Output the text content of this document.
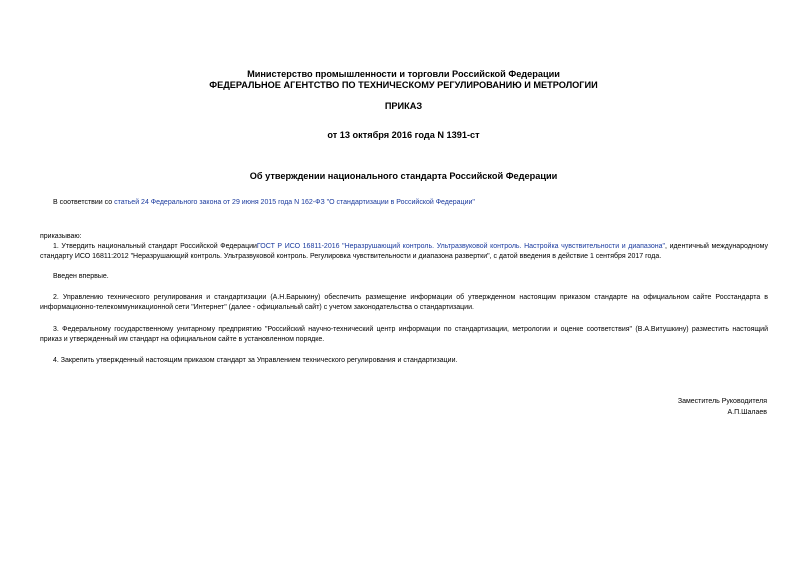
Министерство промышленности и торговли Российской Федерации
ФЕДЕРАЛЬНОЕ АГЕНТСТВО ПО ТЕХНИЧЕСКОМУ РЕГУЛИРОВАНИЮ И МЕТРОЛОГИИ
ПРИКАЗ
от 13 октября 2016 года N 1391-ст
Об утверждении национального стандарта Российской Федерации
В соответствии со статьей 24 Федерального закона от 29 июня 2015 года N 162-ФЗ "О стандартизации в Российской Федерации"
приказываю:
1. Утвердить национальный стандарт Российской ФедерацииГОСТ Р ИСО 16811-2016 "Неразрушающий контроль. Ультразвуковой контроль. Настройка чувствительности и диапазона", идентичный международному стандарту ИСО 16811:2012 "Неразрушающий контроль. Ультразвуковой контроль. Регулировка чувствительности и диапазона развертки", с датой введения в действие 1 сентября 2017 года.
Введен впервые.
2. Управлению технического регулирования и стандартизации (А.Н.Барыкину) обеспечить размещение информации об утвержденном настоящим приказом стандарте на официальном сайте Росстандарта в информационно-телекоммуникационной сети "Интернет" (далее - официальный сайт) с учетом законодательства о стандартизации.
3. Федеральному государственному унитарному предприятию "Российский научно-технический центр информации по стандартизации, метрологии и оценке соответствия" (В.А.Витушкину) разместить настоящий приказ и утвержденный им стандарт на официальном сайте в установленном порядке.
4. Закрепить утвержденный настоящим приказом стандарт за Управлением технического регулирования и стандартизации.
Заместитель Руководителя
А.П.Шалаев
